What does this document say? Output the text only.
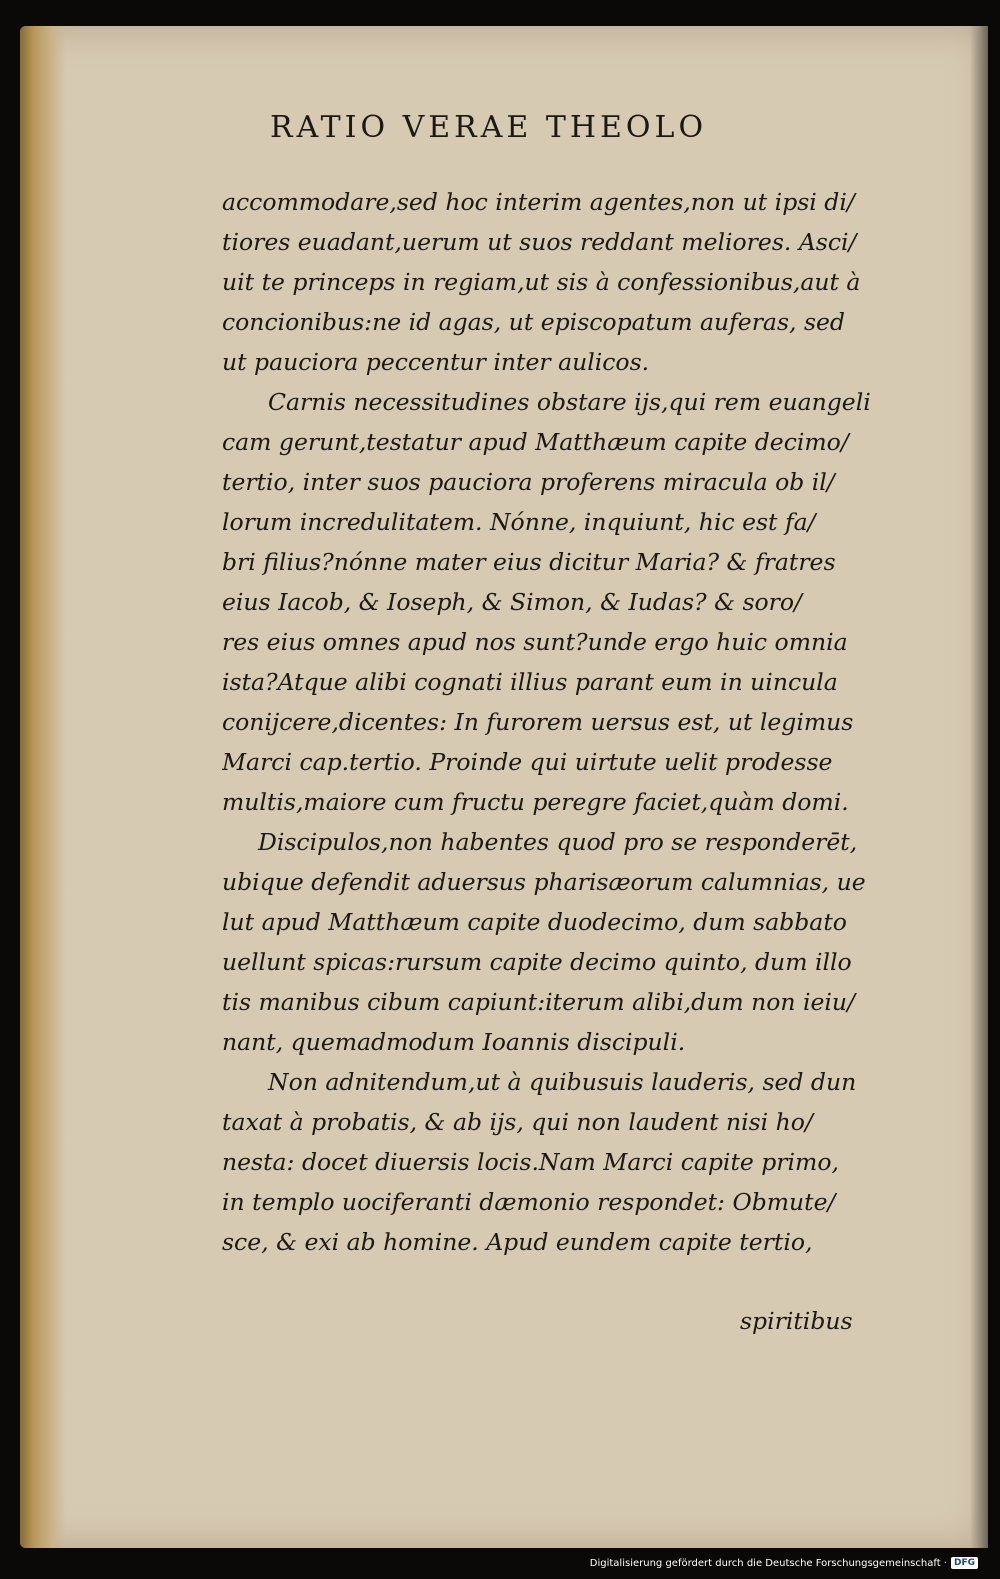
RATIO VERAE THEOLO
accommodare,sed hoc interim agentes,non ut ipsi di/
tiores euadant,uerum ut suos reddant meliores. Asci/
uit te princeps in regiam,ut sis à confessionibus,aut à
concionibus:ne id agas, ut episcopatum auferas, sed
ut pauciora peccentur inter aulicos.
Carnis necessitudines obstare ijs,qui rem euangeli
cam gerunt,testatur apud Matthæum capite decimo/
tertio, inter suos pauciora proferens miracula ob il/
lorum incredulitatem. Nónne, inquiunt, hic est fa/
bri filius?nónne mater eius dicitur Maria? & fratres
eius Iacob, & Ioseph, & Simon, & Iudas? & soro/
res eius omnes apud nos sunt?unde ergo huic omnia
ista?Atque alibi cognati illius parant eum in uincula
conijcere,dicentes: In furorem uersus est, ut legimus
Marci cap.tertio. Proinde qui uirtute uelit prodesse
multis,maiore cum fructu peregre faciet,quàm domi.
Discipulos,non habentes quod pro se responderēt,
ubique defendit aduersus pharisæorum calumnias, ue
lut apud Matthæum capite duodecimo, dum sabbato
uellunt spicas:rursum capite decimo quinto, dum illo
tis manibus cibum capiunt:iterum alibi,dum non ieiu/
nant, quemadmodum Ioannis discipuli.
Non adnitendum,ut à quibusuis lauderis, sed dun
taxat à probatis, & ab ijs, qui non laudent nisi ho/
nesta: docet diuersis locis.Nam Marci capite primo,
in templo uociferanti dæmonio respondet: Obmute/
sce, & exi ab homine. Apud eundem capite tertio,
spiritibus
Digitalisierung gefördert durch die Deutsche Forschungsgemeinschaft · DFG
